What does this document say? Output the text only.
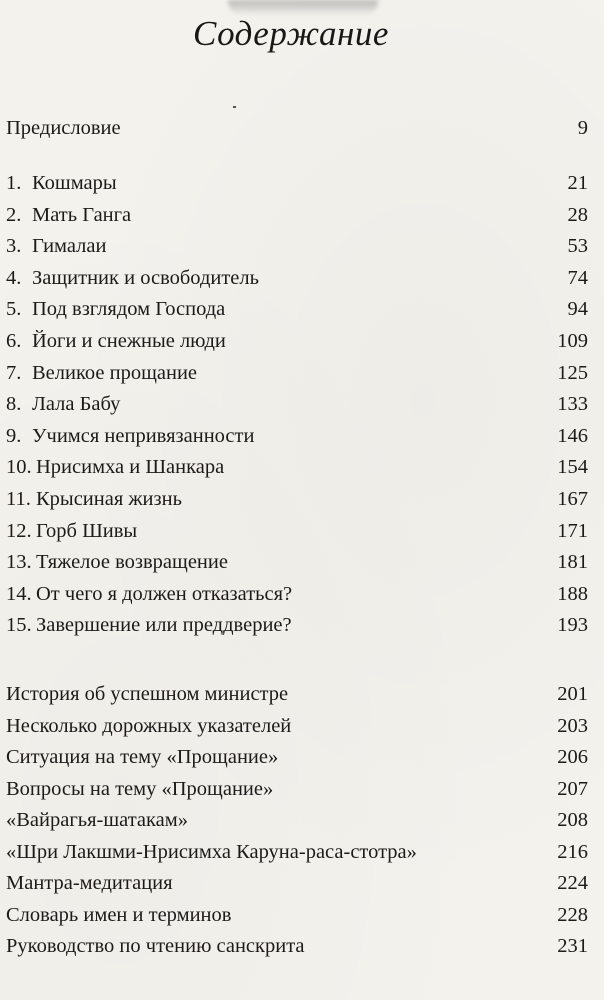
Содержание
Предисловие	9
1. Кошмары	21
2. Мать Ганга	28
3. Гималаи	53
4. Защитник и освободитель	74
5. Под взглядом Господа	94
6. Йоги и снежные люди	109
7. Великое прощание	125
8. Лала Бабу	133
9. Учимся непривязанности	146
10. Нрисимха и Шанкара	154
11. Крысиная жизнь	167
12. Горб Шивы	171
13. Тяжелое возвращение	181
14. От чего я должен отказаться?	188
15. Завершение или преддверие?	193
История об успешном министре	201
Несколько дорожных указателей	203
Ситуация на тему «Прощание»	206
Вопросы на тему «Прощание»	207
«Вайрагья-шатакам»	208
«Шри Лакшми-Нрисимха Каруна-раса-стотра»	216
Мантра-медитация	224
Словарь имен и терминов	228
Руководство по чтению санскрита	231
